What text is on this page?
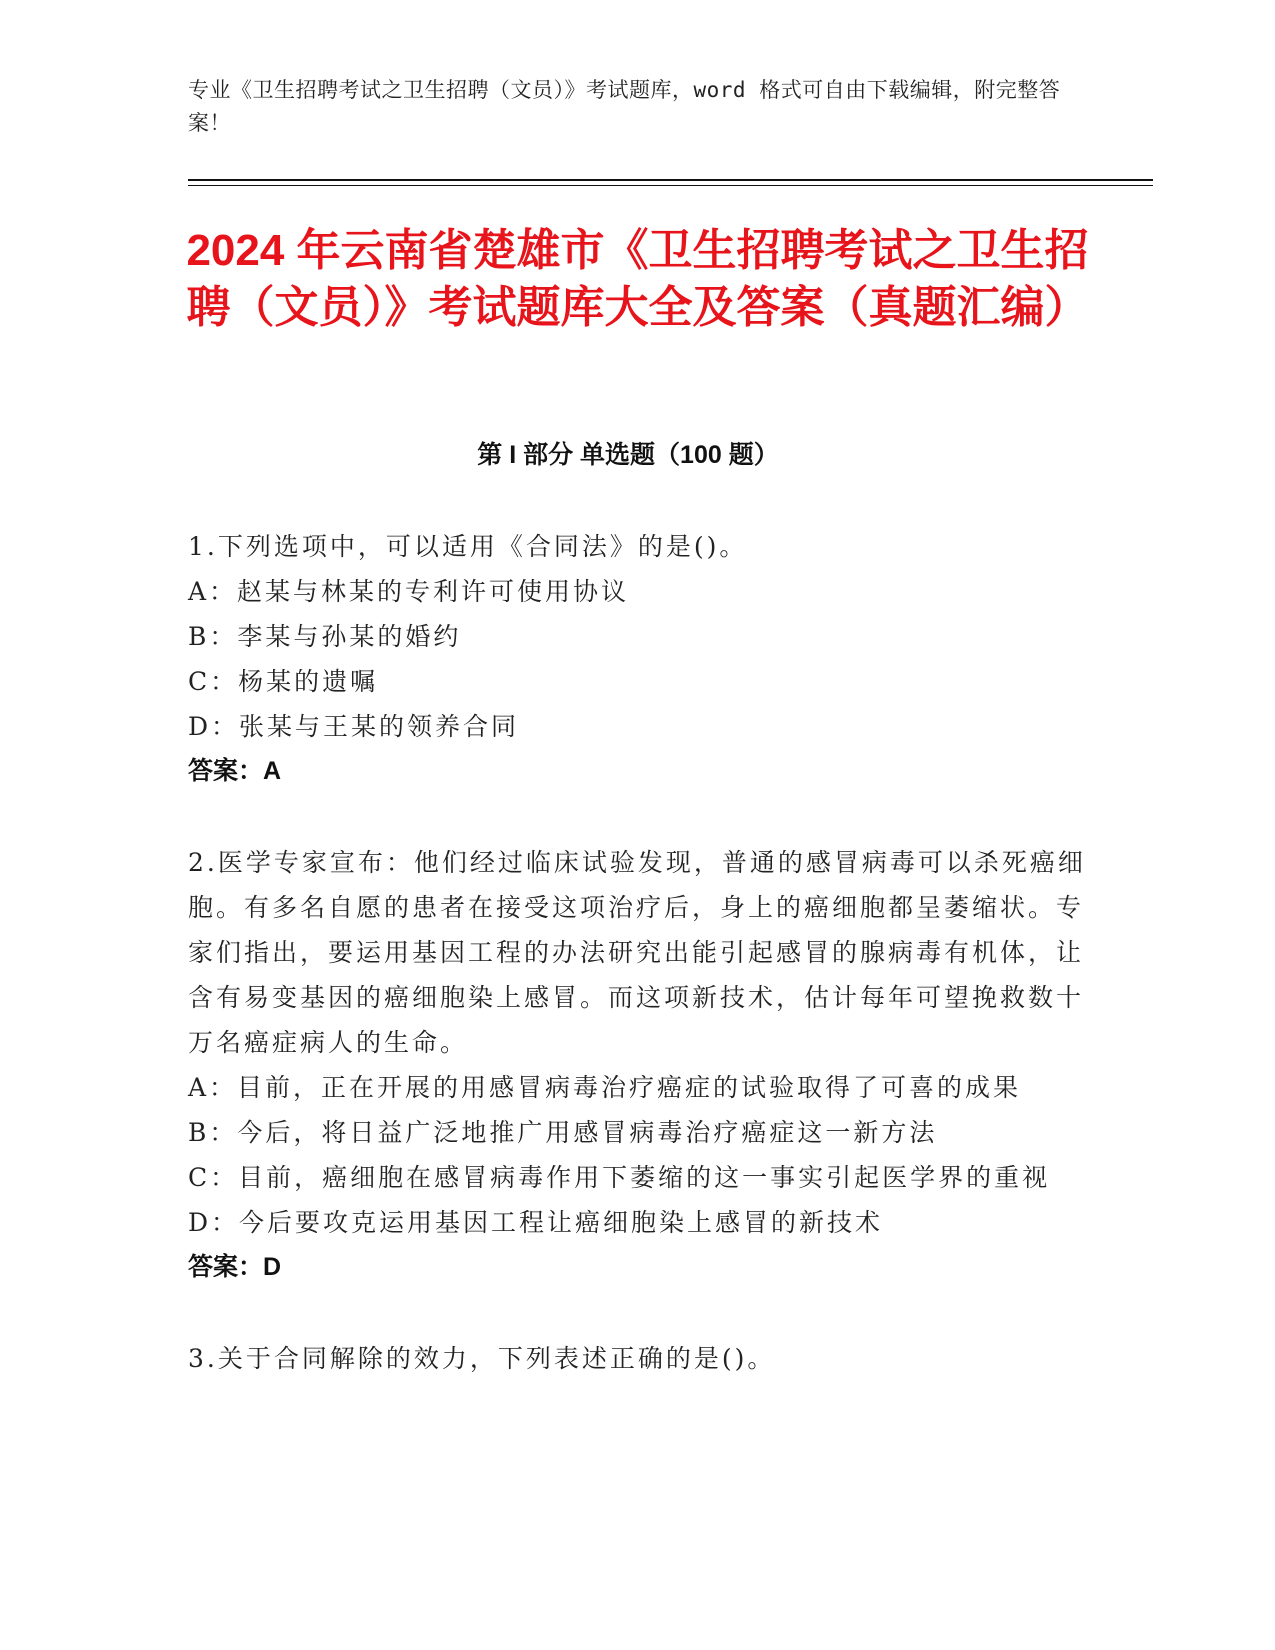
专业《卫生招聘考试之卫生招聘（文员）》考试题库，word 格式可自由下载编辑，附完整答案！
2024 年云南省楚雄市《卫生招聘考试之卫生招聘（文员）》考试题库大全及答案（真题汇编）
第 I 部分 单选题（100 题）

1.下列选项中，可以适用《合同法》的是()。

A：赵某与林某的专利许可使用协议

B：李某与孙某的婚约

C：杨某的遗嘱

D：张某与王某的领养合同

答案：A

2.医学专家宣布：他们经过临床试验发现，普通的感冒病毒可以杀死癌细胞。有多名自愿的患者在接受这项治疗后，身上的癌细胞都呈萎缩状。专家们指出，要运用基因工程的办法研究出能引起感冒的腺病毒有机体，让含有易变基因的癌细胞染上感冒。而这项新技术，估计每年可望挽救数十万名癌症病人的生命。

A：目前，正在开展的用感冒病毒治疗癌症的试验取得了可喜的成果

B：今后，将日益广泛地推广用感冒病毒治疗癌症这一新方法

C：目前，癌细胞在感冒病毒作用下萎缩的这一事实引起医学界的重视

D：今后要攻克运用基因工程让癌细胞染上感冒的新技术

答案：D

3.关于合同解除的效力，下列表述正确的是()。
